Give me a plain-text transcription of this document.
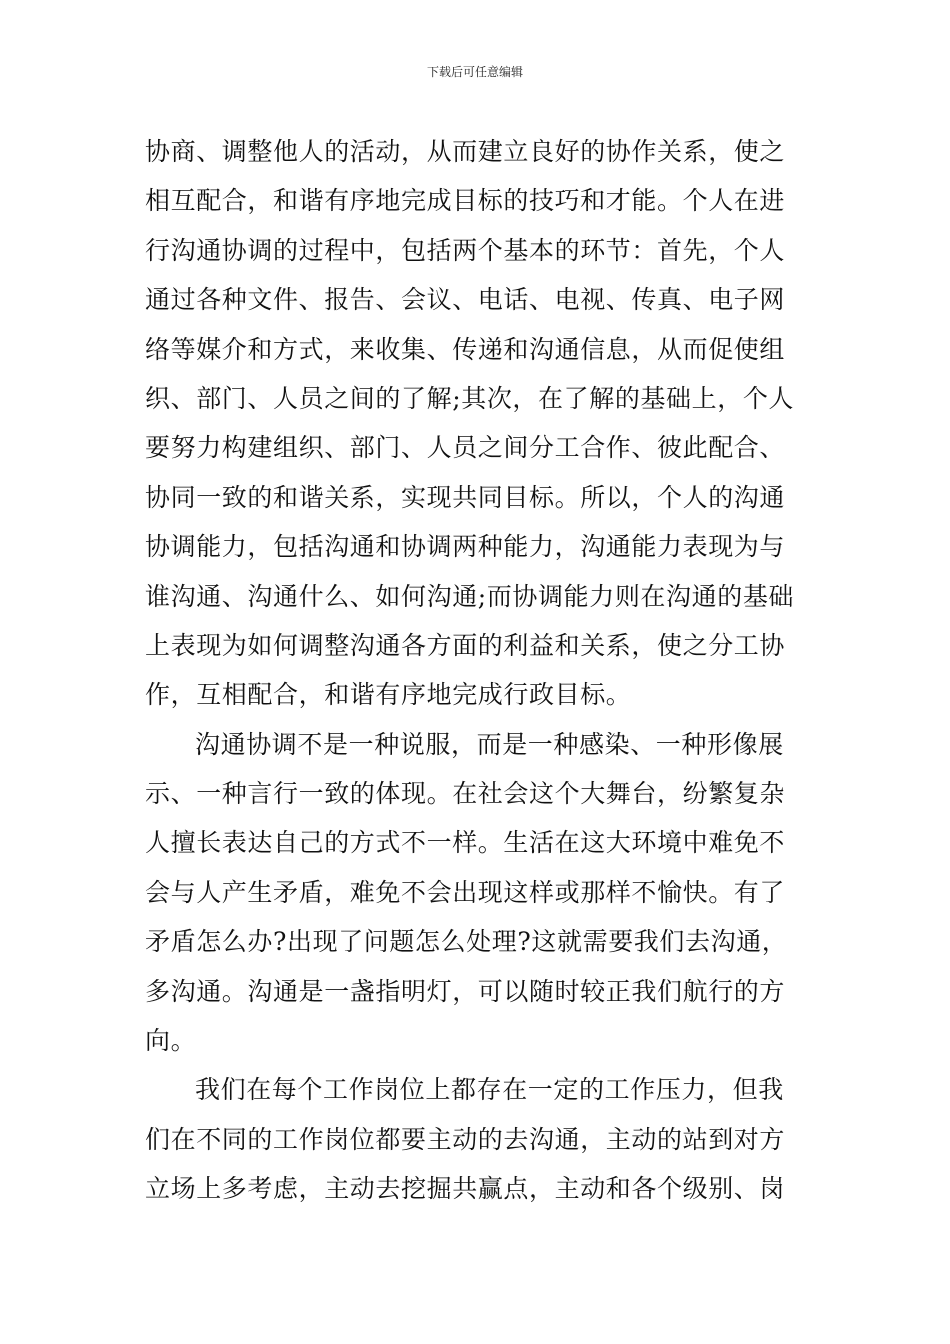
下载后可任意编辑
协商、调整他人的活动，从而建立良好的协作关系，使之
相互配合，和谐有序地完成目标的技巧和才能。个人在进
行沟通协调的过程中，包括两个基本的环节：首先，个人
通过各种文件、报告、会议、电话、电视、传真、电子网
络等媒介和方式，来收集、传递和沟通信息，从而促使组
织、部门、人员之间的了解;其次，在了解的基础上，个人
要努力构建组织、部门、人员之间分工合作、彼此配合、
协同一致的和谐关系，实现共同目标。所以，个人的沟通
协调能力，包括沟通和协调两种能力，沟通能力表现为与
谁沟通、沟通什么、如何沟通;而协调能力则在沟通的基础
上表现为如何调整沟通各方面的利益和关系，使之分工协
作，互相配合，和谐有序地完成行政目标。
沟通协调不是一种说服，而是一种感染、一种形像展
示、一种言行一致的体现。在社会这个大舞台，纷繁复杂
人擅长表达自己的方式不一样。生活在这大环境中难免不
会与人产生矛盾，难免不会出现这样或那样不愉快。有了
矛盾怎么办?出现了问题怎么处理?这就需要我们去沟通，
多沟通。沟通是一盏指明灯，可以随时较正我们航行的方
向。
我们在每个工作岗位上都存在一定的工作压力，但我
们在不同的工作岗位都要主动的去沟通，主动的站到对方
立场上多考虑，主动去挖掘共赢点，主动和各个级别、岗
